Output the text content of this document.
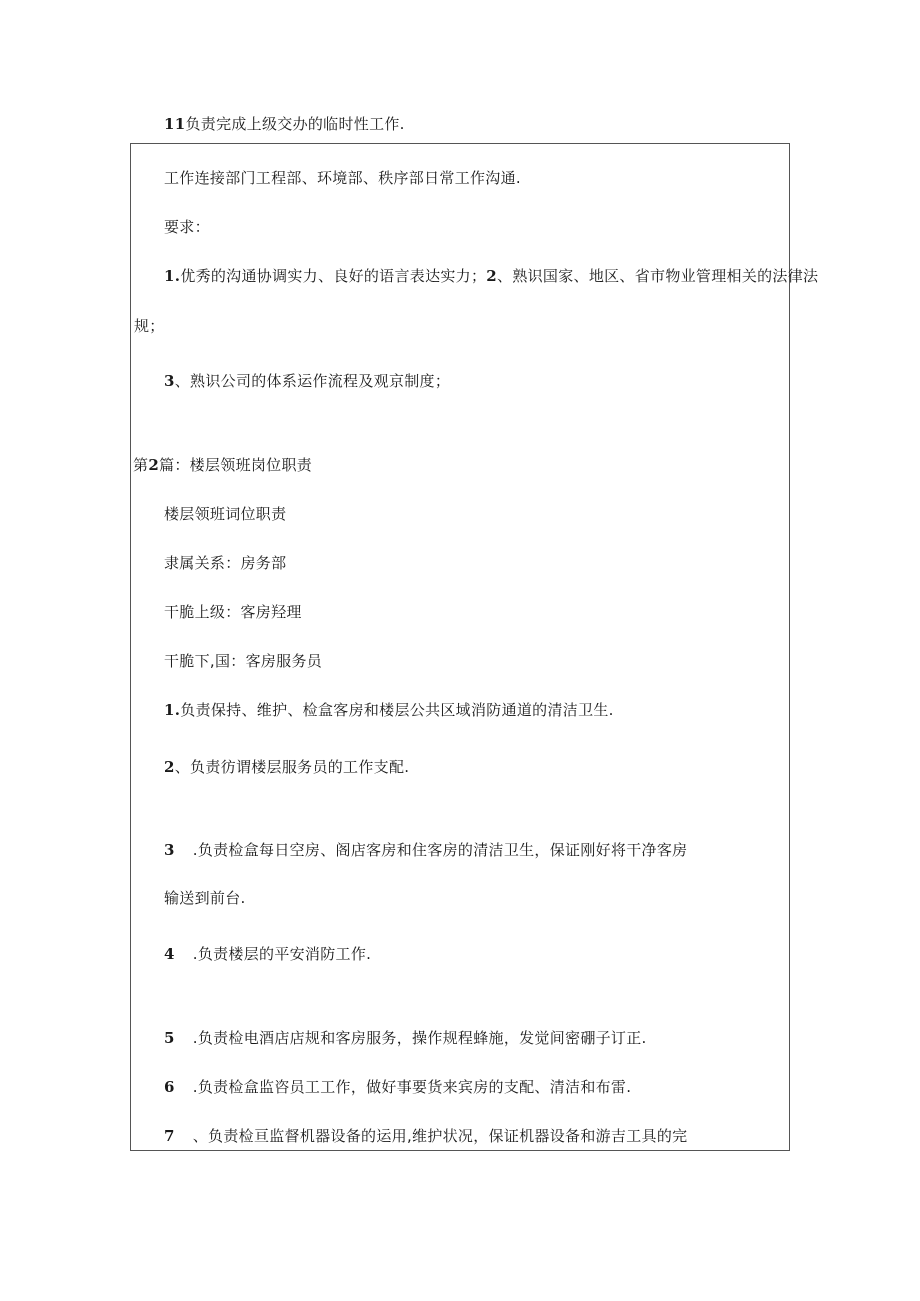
11负责完成上级交办的临时性工作.
工作连接部门工程部、环境部、秩序部日常工作沟通.
要求：
1.优秀的沟通协调实力、良好的语言表达实力；2、熟识国家、地区、省市物业管理相关的法律法
规；
3、熟识公司的体系运作流程及观京制度；
第2篇：楼层领班岗位职责
楼层领班词位职责
隶属关系：房务部
干脆上级：客房羟理
干脆下,国：客房服务员
1.负责保持、维护、检盒客房和楼层公共区域消防通道的清洁卫生.
2、负责彷谓楼层服务员的工作支配.
3 .负责检盒每日空房、阁店客房和住客房的清洁卫生，保证刚好将干净客房
输送到前台.
4 .负责楼层的平安消防工作.
5 .负责检电酒店店规和客房服务，操作规程蜂施，发觉间密硼子订正.
6 .负责检盒监咨员工工作，做好事要货来宾房的支配、清洁和布雷.
7 、负责检亘监督机器设备的运用,维护状况，保证机器设备和游吉工具的完
